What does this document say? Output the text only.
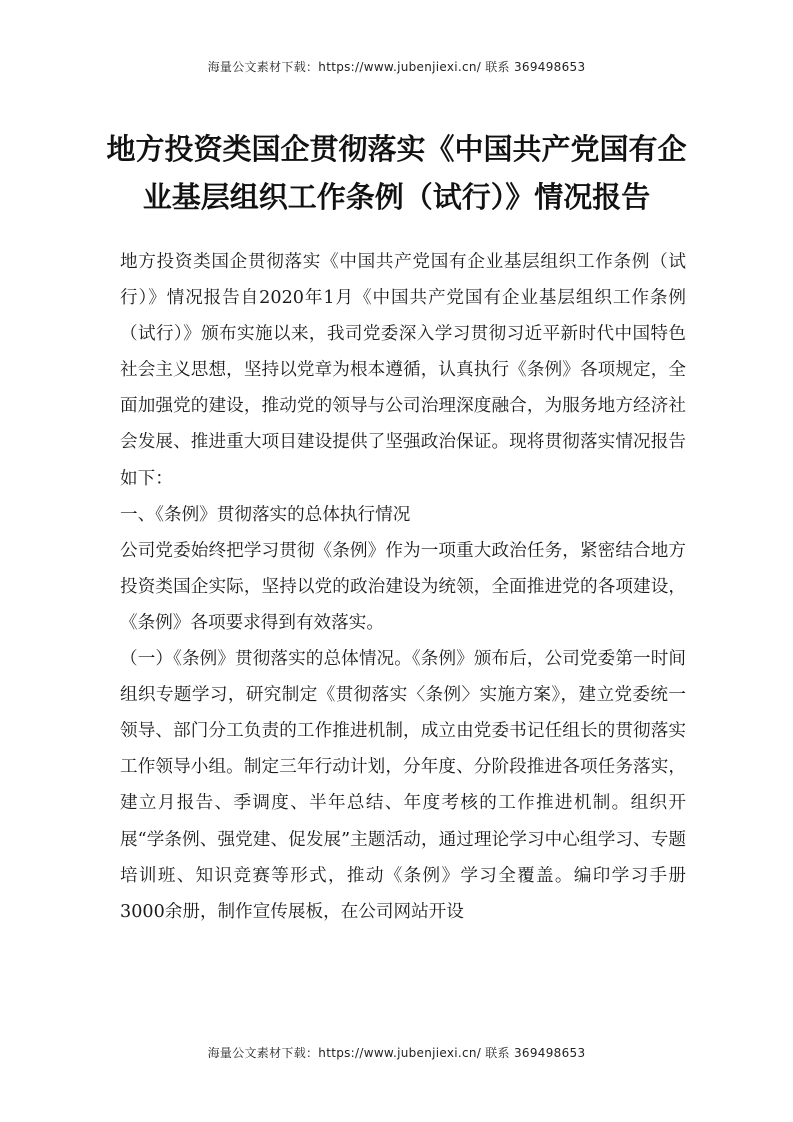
海量公文素材下载：https://www.jubenjiexi.cn/ 联系 369498653
地方投资类国企贯彻落实《中国共产党国有企业基层组织工作条例（试行）》情况报告

地方投资类国企贯彻落实《中国共产党国有企业基层组织工作条例（试行）》情况报告自2020年1月《中国共产党国有企业基层组织工作条例（试行）》颁布实施以来，我司党委深入学习贯彻习近平新时代中国特色社会主义思想，坚持以党章为根本遵循，认真执行《条例》各项规定，全面加强党的建设，推动党的领导与公司治理深度融合，为服务地方经济社会发展、推进重大项目建设提供了坚强政治保证。现将贯彻落实情况报告如下：

一、《条例》贯彻落实的总体执行情况

公司党委始终把学习贯彻《条例》作为一项重大政治任务，紧密结合地方投资类国企实际，坚持以党的政治建设为统领，全面推进党的各项建设，《条例》各项要求得到有效落实。

（一）《条例》贯彻落实的总体情况。《条例》颁布后，公司党委第一时间组织专题学习，研究制定《贯彻落实〈条例〉实施方案》，建立党委统一领导、部门分工负责的工作推进机制，成立由党委书记任组长的贯彻落实工作领导小组。制定三年行动计划，分年度、分阶段推进各项任务落实，建立月报告、季调度、半年总结、年度考核的工作推进机制。组织开展“学条例、强党建、促发展”主题活动，通过理论学习中心组学习、专题培训班、知识竞赛等形式，推动《条例》学习全覆盖。编印学习手册3000余册，制作宣传展板，在公司网站开设

海量公文素材下载：https://www.jubenjiexi.cn/ 联系 369498653
